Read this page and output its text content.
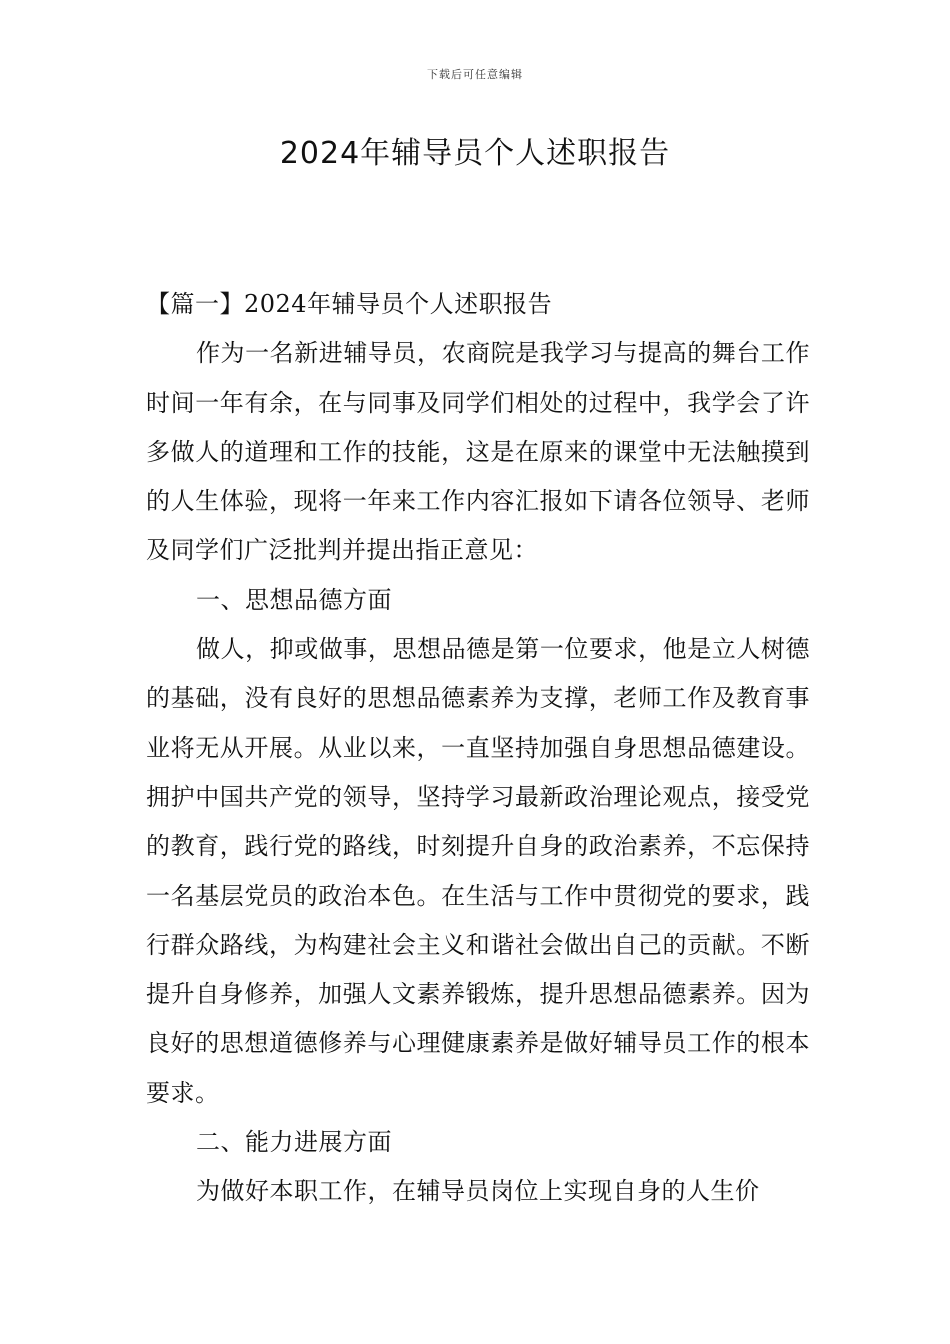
下载后可任意编辑
2024年辅导员个人述职报告

【篇一】2024年辅导员个人述职报告

作为一名新进辅导员，农商院是我学习与提高的舞台工作时间一年有余，在与同事及同学们相处的过程中，我学会了许多做人的道理和工作的技能，这是在原来的课堂中无法触摸到的人生体验，现将一年来工作内容汇报如下请各位领导、老师及同学们广泛批判并提出指正意见：

一、思想品德方面

做人，抑或做事，思想品德是第一位要求，他是立人树德的基础，没有良好的思想品德素养为支撑，老师工作及教育事业将无从开展。从业以来，一直坚持加强自身思想品德建设。拥护中国共产党的领导，坚持学习最新政治理论观点，接受党的教育，践行党的路线，时刻提升自身的政治素养，不忘保持一名基层党员的政治本色。在生活与工作中贯彻党的要求，践行群众路线，为构建社会主义和谐社会做出自己的贡献。不断提升自身修养，加强人文素养锻炼，提升思想品德素养。因为良好的思想道德修养与心理健康素养是做好辅导员工作的根本要求。

二、能力进展方面

为做好本职工作，在辅导员岗位上实现自身的人生价
